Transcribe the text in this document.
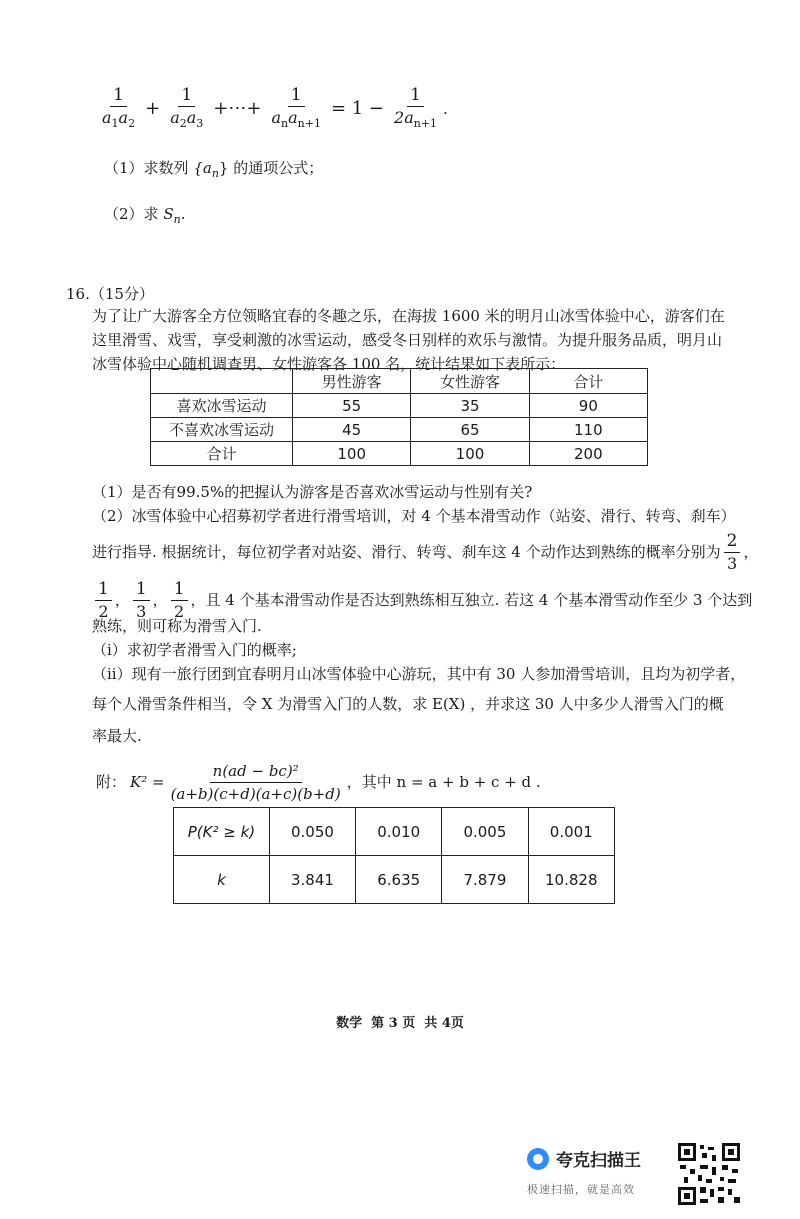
$\frac{1}{a_1a_2} + \frac{1}{a_2a_3}$ +⋯+ $\frac{1}{a_na_{n+1}} = 1 - \frac{1}{2a_{n+1}}$ .
（1）求数列 $\{a_n\}$ 的通项公式；
（2）求 $S_n$.
16.（15分）
为了让广大游客全方位领略宜春的冬趣之乐，在海拔 1600 米的明月山冰雪体验中心，游客们在
这里滑雪、戏雪，享受刺激的冰雪运动，感受冬日别样的欢乐与激情。为提升服务品质，明月山
冰雪体验中心随机调查男、女性游客各 100 名，统计结果如下表所示：
	男性游客	女性游客	合计
喜欢冰雪运动	55	35	90
不喜欢冰雪运动	45	65	110
合计	100	100	200
（1）是否有99.5%的把握认为游客是否喜欢冰雪运动与性别有关?
（2）冰雪体验中心招募初学者进行滑雪培训，对 4 个基本滑雪动作（站姿、滑行、转弯、刹车）
进行指导. 根据统计，每位初学者对站姿、滑行、转弯、刹车这 4 个动作达到熟练的概率分别为 $\frac{2}{3}$ ，
$\frac{1}{2}$ ， $\frac{1}{3}$ ， $\frac{1}{2}$ ，且 4 个基本滑雪动作是否达到熟练相互独立. 若这 4 个基本滑雪动作至少 3 个达到
熟练，则可称为滑雪入门.
（i）求初学者滑雪入门的概率;
（ii）现有一旅行团到宜春明月山冰雪体验中心游玩，其中有 30 人参加滑雪培训，且均为初学者，
每个人滑雪条件相当，令 X 为滑雪入门的人数，求 E(X) ，并求这 30 人中多少人滑雪入门的概
率最大.
附： $K^2 = \frac{\text{n(ad − bc)²}}{(a+b)(c+d)(a+c)(b+d)}$ ，其中 n = a + b + c + d .
P(K² ≥ k)	0.050	0.010	0.005	0.001
k	3.841	6.635	7.879	10.828
数学  第 3 页  共 4页
夸克扫描王
极速扫描，就是高效
